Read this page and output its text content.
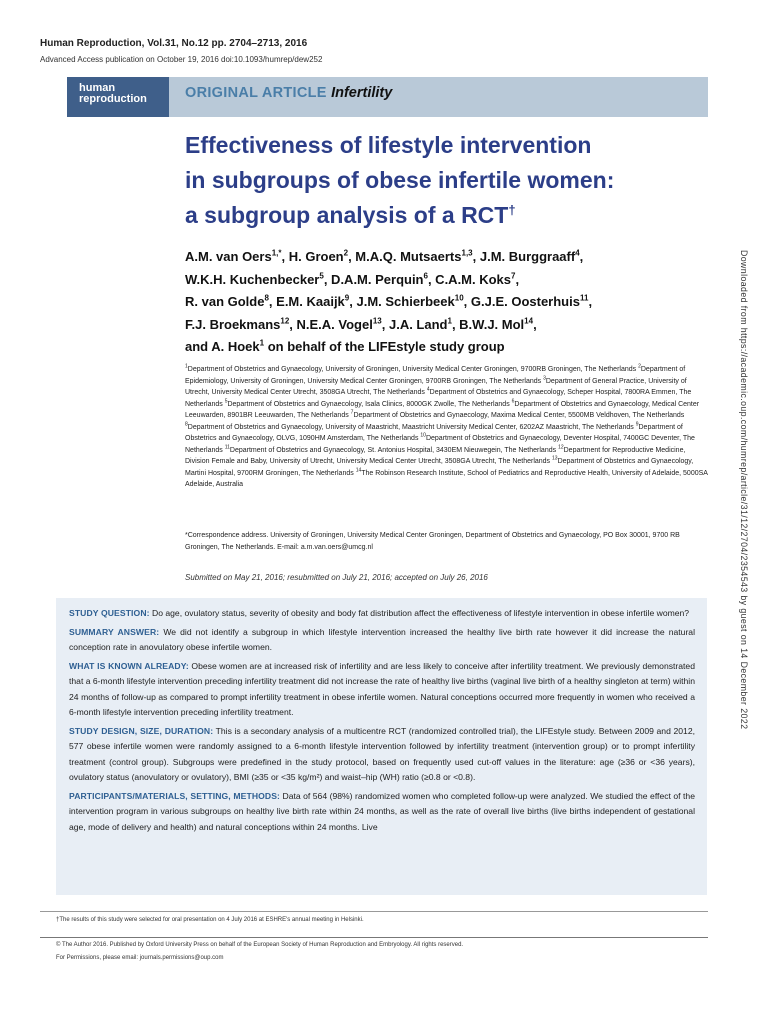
Human Reproduction, Vol.31, No.12 pp. 2704–2713, 2016
Advanced Access publication on October 19, 2016 doi:10.1093/humrep/dew252
human
reproduction	ORIGINAL ARTICLE Infertility
Effectiveness of lifestyle intervention
in subgroups of obese infertile women:
a subgroup analysis of a RCT†
A.M. van Oers$^{1,*}$, H. Groen$^2$, M.A.Q. Mutsaerts$^{1,3}$, J.M. Burggraaff$^4$,
W.K.H. Kuchenbecker$^5$, D.A.M. Perquin$^6$, C.A.M. Koks$^7$,
R. van Golde$^8$, E.M. Kaaijk$^9$, J.M. Schierbeek$^{10}$, G.J.E. Oosterhuis$^{11}$,
F.J. Broekmans$^{12}$, N.E.A. Vogel$^{13}$, J.A. Land$^1$, B.W.J. Mol$^{14}$,
and A. Hoek$^1$ on behalf of the LIFEstyle study group
$^1$Department of Obstetrics and Gynaecology, University of Groningen, University Medical Center Groningen, 9700RB Groningen, The Netherlands $^2$Department of Epidemiology, University of Groningen, University Medical Center Groningen, 9700RB Groningen, The Netherlands $^3$Department of General Practice, University of Utrecht, University Medical Center Utrecht, 3508GA Utrecht, The Netherlands $^4$Department of Obstetrics and Gynaecology, Scheper Hospital, 7800RA Emmen, The Netherlands $^5$Department of Obstetrics and Gynaecology, Isala Clinics, 8000GK Zwolle, The Netherlands $^6$Department of Obstetrics and Gynaecology, Medical Center Leeuwarden, 8901BR Leeuwarden, The Netherlands $^7$Department of Obstetrics and Gynaecology, Maxima Medical Center, 5500MB Veldhoven, The Netherlands $^8$Department of Obstetrics and Gynaecology, University of Maastricht, Maastricht University Medical Center, 6202AZ Maastricht, The Netherlands $^9$Department of Obstetrics and Gynaecology, OLVG, 1090HM Amsterdam, The Netherlands $^{10}$Department of Obstetrics and Gynaecology, Deventer Hospital, 7400GC Deventer, The Netherlands $^{11}$Department of Obstetrics and Gynaecology, St. Antonius Hospital, 3430EM Nieuwegein, The Netherlands $^{12}$Department for Reproductive Medicine, Division Female and Baby, University of Utrecht, University Medical Center Utrecht, 3508GA Utrecht, The Netherlands $^{13}$Department of Obstetrics and Gynaecology, Martini Hospital, 9700RM Groningen, The Netherlands $^{14}$The Robinson Research Institute, School of Pediatrics and Reproductive Health, University of Adelaide, 5000SA Adelaide, Australia
*Correspondence address. University of Groningen, University Medical Center Groningen, Department of Obstetrics and Gynaecology, PO Box 30001, 9700 RB Groningen, The Netherlands. E-mail: a.m.van.oers@umcg.nl
Submitted on May 21, 2016; resubmitted on July 21, 2016; accepted on July 26, 2016
STUDY QUESTION: Do age, ovulatory status, severity of obesity and body fat distribution affect the effectiveness of lifestyle intervention in obese infertile women?
SUMMARY ANSWER: We did not identify a subgroup in which lifestyle intervention increased the healthy live birth rate however it did increase the natural conception rate in anovulatory obese infertile women.
WHAT IS KNOWN ALREADY: Obese women are at increased risk of infertility and are less likely to conceive after infertility treatment. We previously demonstrated that a 6-month lifestyle intervention preceding infertility treatment did not increase the rate of healthy live births (vaginal live birth of a healthy singleton at term) within 24 months of follow-up as compared to prompt infertility treatment in obese infertile women. Natural conceptions occurred more frequently in women who received a 6-month lifestyle intervention preceding infertility treatment.
STUDY DESIGN, SIZE, DURATION: This is a secondary analysis of a multicentre RCT (randomized controlled trial), the LIFEstyle study. Between 2009 and 2012, 577 obese infertile women were randomly assigned to a 6-month lifestyle intervention followed by infertility treatment (intervention group) or to prompt infertility treatment (control group). Subgroups were predefined in the study protocol, based on frequently used cut-off values in the literature: age (≥36 or <36 years), ovulatory status (anovulatory or ovulatory), BMI (≥35 or <35 kg/m²) and waist–hip (WH) ratio (≥0.8 or <0.8).
PARTICIPANTS/MATERIALS, SETTING, METHODS: Data of 564 (98%) randomized women who completed follow-up were analyzed. We studied the effect of the intervention program in various subgroups on healthy live birth rate within 24 months, as well as the rate of overall live births (live births independent of gestational age, mode of delivery and health) and natural conceptions within 24 months. Live
†The results of this study were selected for oral presentation on 4 July 2016 at ESHRE's annual meeting in Helsinki.
© The Author 2016. Published by Oxford University Press on behalf of the European Society of Human Reproduction and Embryology. All rights reserved.
For Permissions, please email: journals.permissions@oup.com
Downloaded from https://academic.oup.com/humrep/article/31/12/2704/2354543 by guest on 14 December 2022
